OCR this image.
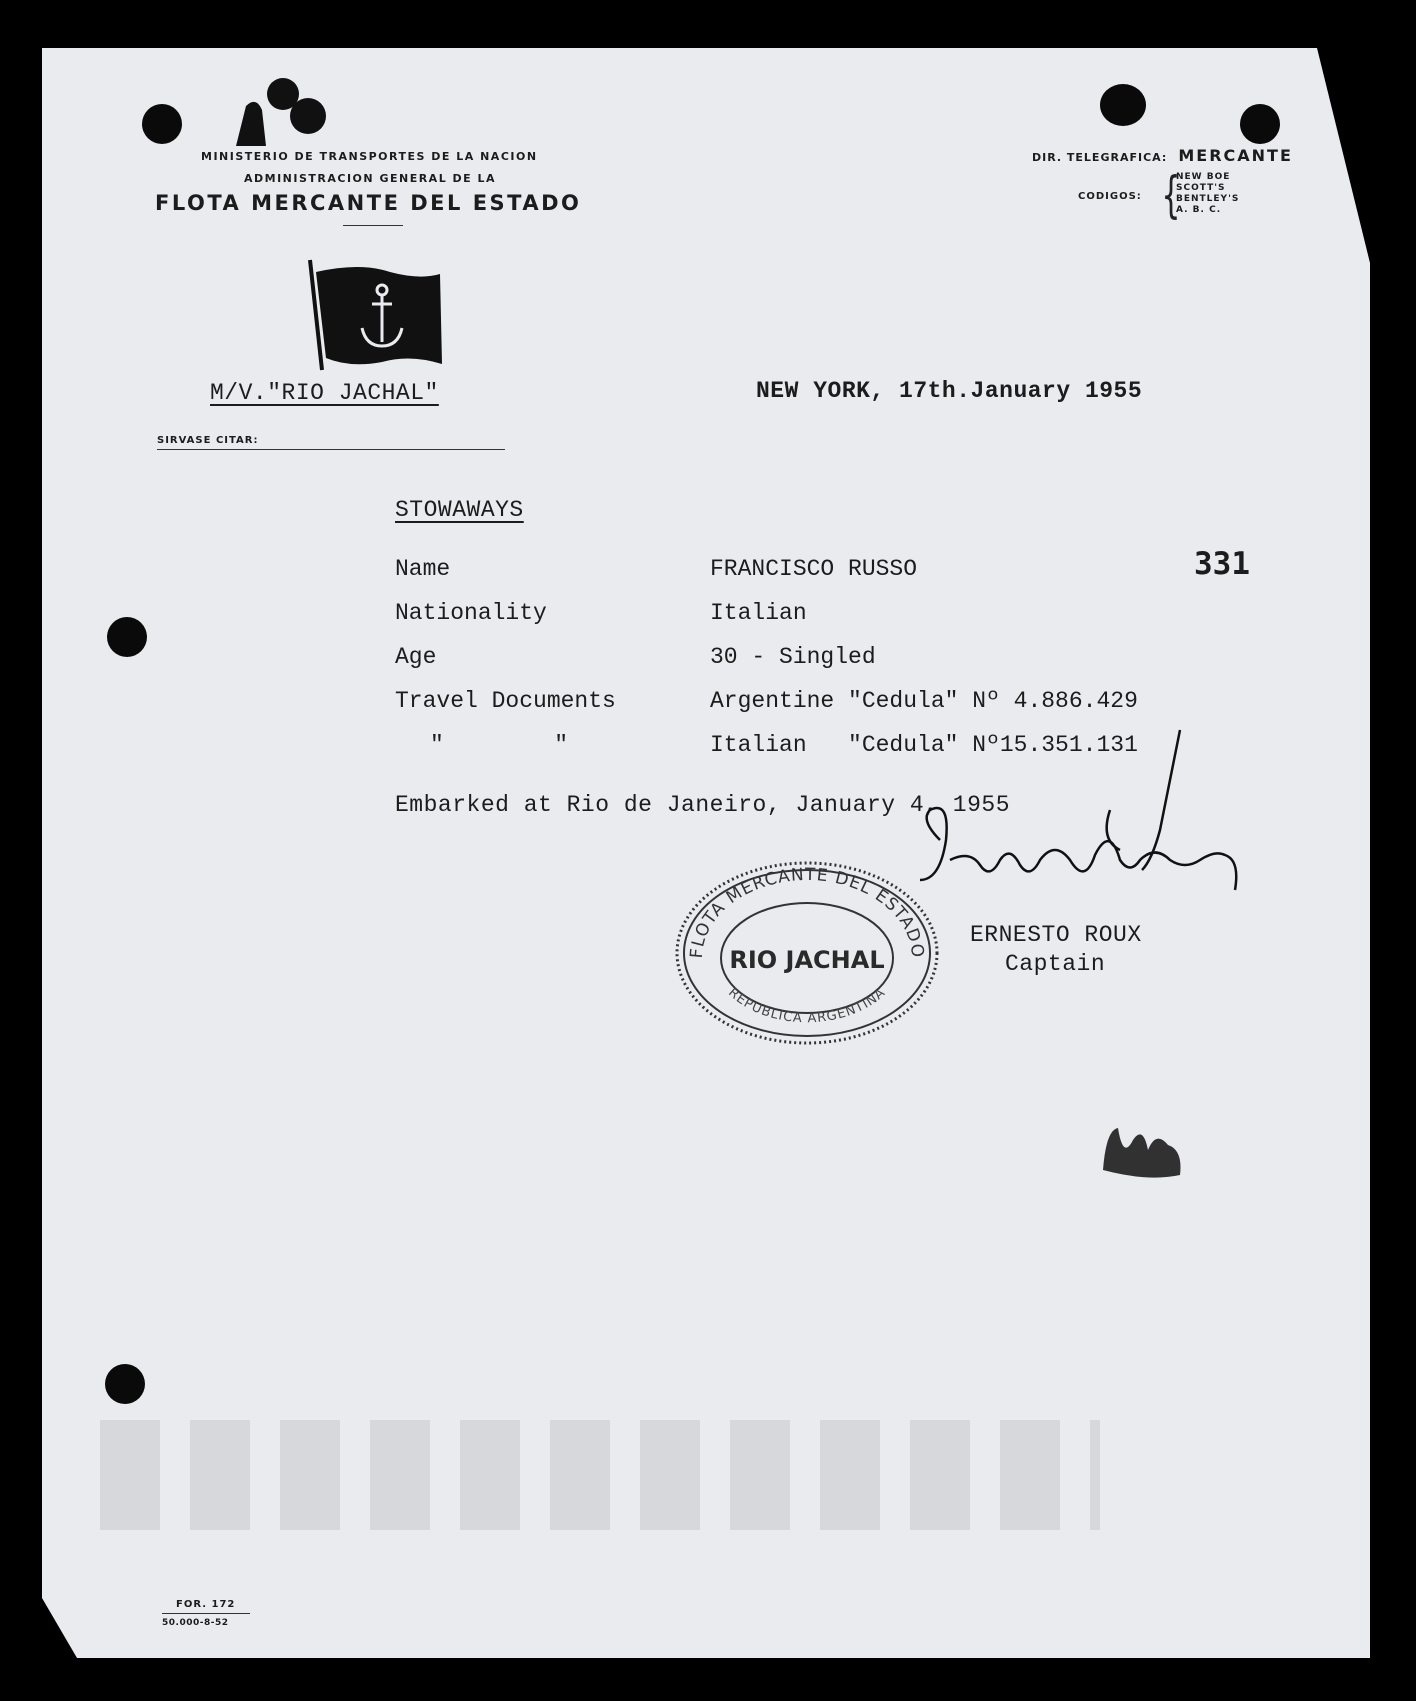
MINISTERIO DE TRANSPORTES DE LA NACION
ADMINISTRACION GENERAL DE LA
FLOTA MERCANTE DEL ESTADO
DIR. TELEGRAFICA: MERCANTE
CODIGOS: {
NEW BOE
SCOTT'S
BENTLEY'S
A. B. C.
M/V."RIO JACHAL"	NEW YORK, 17th.January 1955
SIRVASE CITAR:
STOWAWAYS
331
Name	FRANCISCO RUSSO
Nationality	Italian
Age	30 - Singled
Travel Documents	Argentine "Cedula" Nº 4.886.429
"        "	Italian   "Cedula" Nº15.351.131
Embarked at Rio de Janeiro, January 4, 1955
FLOTA MERCANTE DEL ESTADO
RIO JACHAL
REPUBLICA ARGENTINA
ERNESTO ROUX
Captain
FOR. 172
50.000-8-52
